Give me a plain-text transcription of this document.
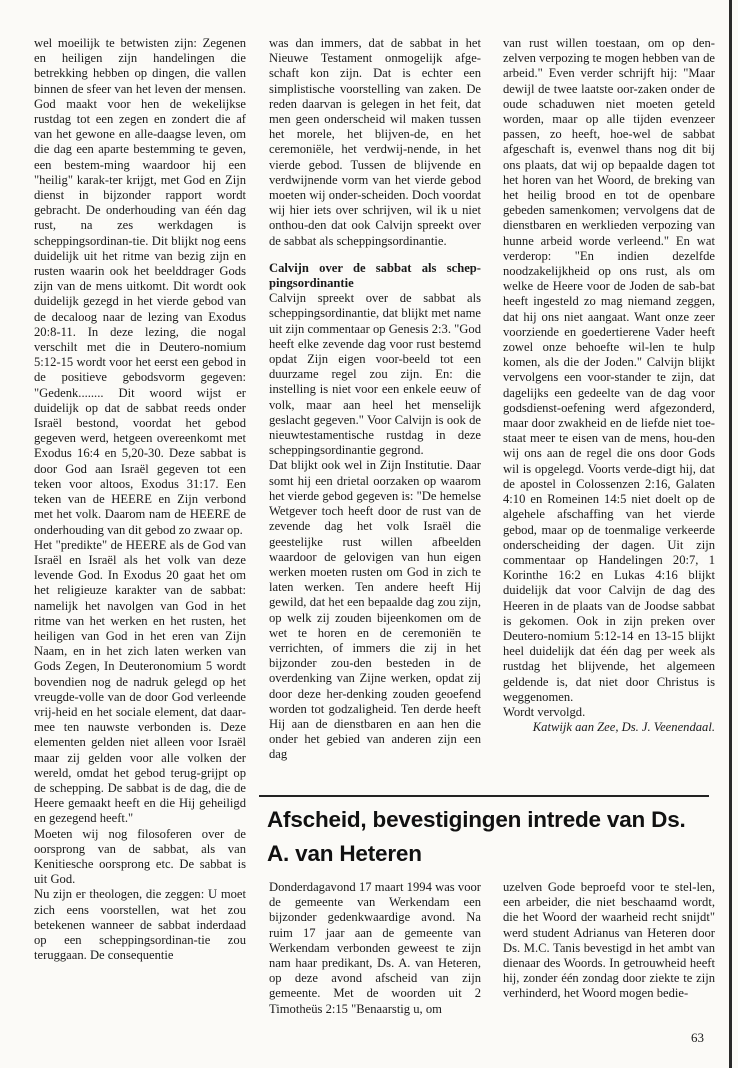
wel moeilijk te betwisten zijn: Zegenen en heiligen zijn handelingen die betrekking hebben op dingen, die vallen binnen de sfeer van het leven der mensen. God maakt voor hen de wekelijkse rustdag tot een zegen en zondert die af van het gewone en alle-daagse leven, om die dag een aparte bestemming te geven, een bestem-ming waardoor hij een "heilig" karak-ter krijgt, met God en Zijn dienst in bijzonder rapport wordt gebracht. De onderhouding van één dag rust, na zes werkdagen is scheppingsordinan-tie. Dit blijkt nog eens duidelijk uit het ritme van bezig zijn en rusten waarin ook het beelddrager Gods zijn van de mens uitkomt. Dit wordt ook duidelijk gezegd in het vierde gebod van de decaloog naar de lezing van Exodus 20:8-11. In deze lezing, die nogal verschilt met die in Deutero-nomium 5:12-15 wordt voor het eerst een gebod in de positieve gebodsvorm gegeven: "Gedenk........ Dit woord wijst er duidelijk op dat de sabbat reeds onder Israël bestond, voordat het gebod gegeven werd, hetgeen overeenkomt met Exodus 16:4 en 5,20-30. Deze sabbat is door God aan Israël gegeven tot een teken voor altoos, Exodus 31:17. Een teken van de HEERE en Zijn verbond met het volk. Daarom nam de HEERE de onderhouding van dit gebod zo zwaar op.

Het "predikte" de HEERE als de God van Israël en Israël als het volk van deze levende God. In Exodus 20 gaat het om het religieuze karakter van de sabbat: namelijk het navolgen van God in het ritme van het werken en het rusten, het heiligen van God in het eren van Zijn Naam, en in het zich laten werken van Gods Zegen, In Deuteronomium 5 wordt bovendien nog de nadruk gelegd op het vreugde-volle van de door God verleende vrij-heid en het sociale element, dat daar-mee ten nauwste verbonden is. Deze elementen gelden niet alleen voor Israël maar zij gelden voor alle volken der wereld, omdat het gebod terug-grijpt op de schepping. De sabbat is de dag, die de Heere gemaakt heeft en die Hij geheiligd en gezegend heeft."

Moeten wij nog filosoferen over de oorsprong van de sabbat, als van Kenitiesche oorsprong etc. De sabbat is uit God.

Nu zijn er theologen, die zeggen: U moet zich eens voorstellen, wat het zou betekenen wanneer de sabbat inderdaad op een scheppingsordinan-tie zou teruggaan. De consequentie

was dan immers, dat de sabbat in het Nieuwe Testament onmogelijk afge-schaft kon zijn. Dat is echter een simplistische voorstelling van zaken. De reden daarvan is gelegen in het feit, dat men geen onderscheid wil maken tussen het morele, het blijven-de, en het ceremoniële, het verdwij-nende, in het vierde gebod. Tussen de blijvende en verdwijnende vorm van het vierde gebod moeten wij onder-scheiden. Doch voordat wij hier iets over schrijven, wil ik u niet onthou-den dat ook Calvijn spreekt over de sabbat als scheppingsordinantie.

Calvijn over de sabbat als schep-pingsordinantie

Calvijn spreekt over de sabbat als scheppingsordinantie, dat blijkt met name uit zijn commentaar op Genesis 2:3. "God heeft elke zevende dag voor rust bestemd opdat Zijn eigen voor-beeld tot een duurzame regel zou zijn. En: die instelling is niet voor een enkele eeuw of volk, maar aan heel het menselijk geslacht gegeven." Voor Calvijn is ook de nieuwtestamentische rustdag in deze scheppingsordinantie gegrond.

Dat blijkt ook wel in Zijn Institutie. Daar somt hij een drietal oorzaken op waarom het vierde gebod gegeven is: "De hemelse Wetgever toch heeft door de rust van de zevende dag het volk Israël die geestelijke rust willen afbeelden waardoor de gelovigen van hun eigen werken moeten rusten om God in zich te laten werken. Ten andere heeft Hij gewild, dat het een bepaalde dag zou zijn, op welk zij zouden bijeenkomen om de wet te horen en de ceremoniën te verrichten, of immers die zij in het bijzonder zou-den besteden in de overdenking van Zijne werken, opdat zij door deze her-denking zouden geoefend worden tot godzaligheid. Ten derde heeft Hij aan de dienstbaren en aan hen die onder het gebied van anderen zijn een dag

van rust willen toestaan, om op den-zelven verpozing te mogen hebben van de arbeid." Even verder schrijft hij: "Maar dewijl de twee laatste oor-zaken onder de oude schaduwen niet moeten geteld worden, maar op alle tijden evenzeer passen, zo heeft, hoe-wel de sabbat afgeschaft is, evenwel thans nog dit bij ons plaats, dat wij op bepaalde dagen tot het horen van het Woord, de breking van het heilig brood en tot de openbare gebeden samenkomen; vervolgens dat de dienstbaren en werklieden verpozing van hunne arbeid worde verleend." En wat verderop: "En indien dezelfde noodzakelijkheid op ons rust, als om welke de Heere voor de Joden de sab-bat heeft ingesteld zo mag niemand zeggen, dat hij ons niet aangaat. Want onze zeer voorziende en goedertierene Vader heeft zowel onze behoefte wil-len te hulp komen, als die der Joden." Calvijn blijkt vervolgens een voor-stander te zijn, dat dagelijks een gedeelte van de dag voor godsdienst-oefening werd afgezonderd, maar door zwakheid en de liefde niet toe-staat meer te eisen van de mens, hou-den wij ons aan de regel die ons door Gods wil is opgelegd. Voorts verde-digt hij, dat de apostel in Colossenzen 2:16, Galaten 4:10 en Romeinen 14:5 niet doelt op de algehele afschaffing van het vierde gebod, maar op de toenmalige verkeerde onderscheiding der dagen. Uit zijn commentaar op Handelingen 20:7, 1 Korinthe 16:2 en Lukas 4:16 blijkt duidelijk dat voor Calvijn de dag des Heeren in de plaats van de Joodse sabbat is gekomen. Ook in zijn preken over Deutero-nomium 5:12-14 en 13-15 blijkt heel duidelijk dat één dag per week als rustdag het blijvende, het algemeen geldende is, dat niet door Christus is weggenomen.

Wordt vervolgd.

Katwijk aan Zee, Ds. J. Veenendaal.

Afscheid, bevestigingen intrede van Ds. A. van Heteren

Donderdagavond 17 maart 1994 was voor de gemeente van Werkendam een bijzonder gedenkwaardige avond. Na ruim 17 jaar aan de gemeente van Werkendam verbonden geweest te zijn nam haar predikant, Ds. A. van Heteren, op deze avond afscheid van zijn gemeente. Met de woorden uit 2 Timotheüs 2:15 "Benaarstig u, om

uzelven Gode beproefd voor te stel-len, een arbeider, die niet beschaamd wordt, die het Woord der waarheid recht snijdt" werd student Adrianus van Heteren door Ds. M.C. Tanis bevestigd in het ambt van dienaar des Woords. In getrouwheid heeft hij, zonder één zondag door ziekte te zijn verhinderd, het Woord mogen bedie-

63
